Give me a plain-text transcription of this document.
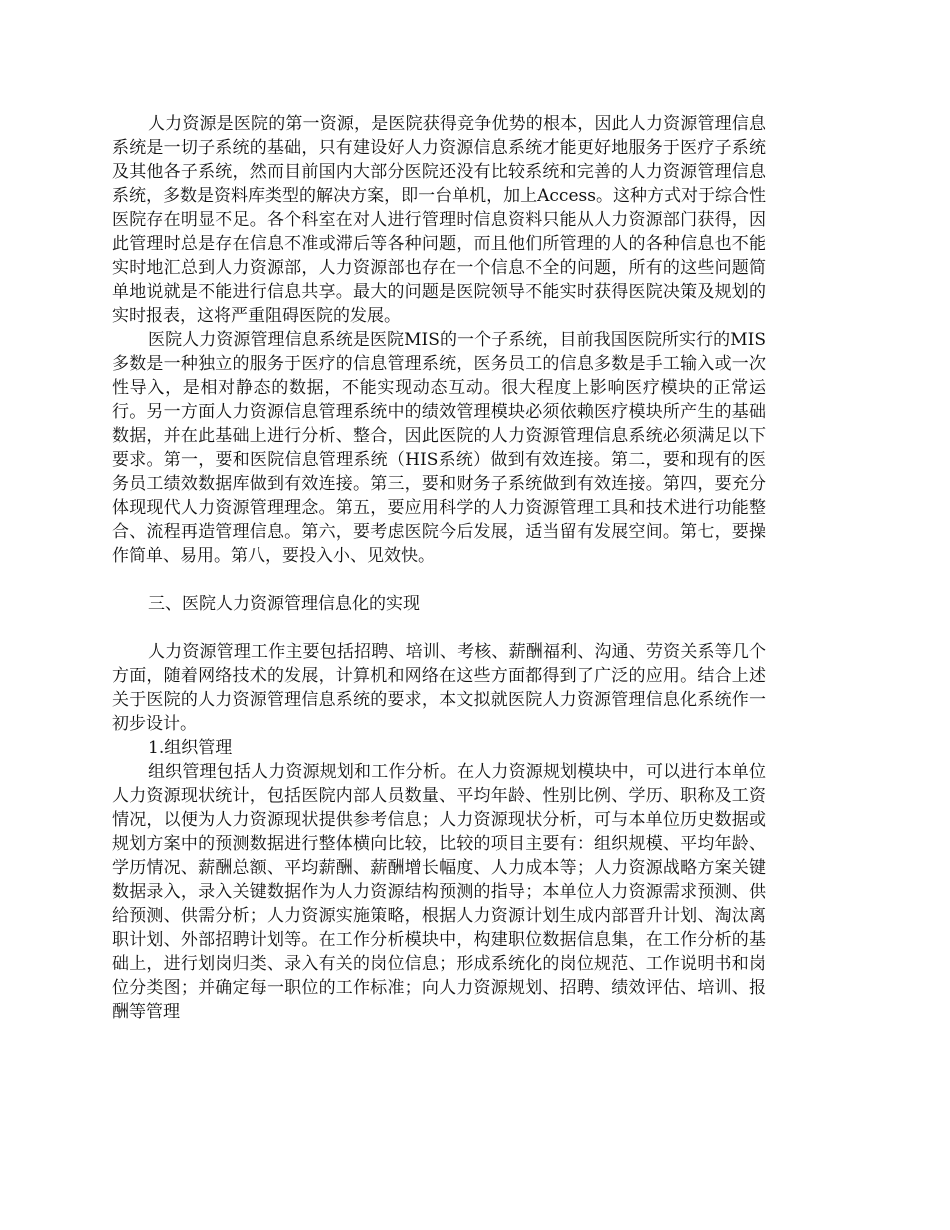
人力资源是医院的第一资源，是医院获得竞争优势的根本，因此人力资源管理信息系统是一切子系统的基础，只有建设好人力资源信息系统才能更好地服务于医疗子系统及其他各子系统，然而目前国内大部分医院还没有比较系统和完善的人力资源管理信息系统，多数是资料库类型的解决方案，即一台单机，加上Access。这种方式对于综合性医院存在明显不足。各个科室在对人进行管理时信息资料只能从人力资源部门获得，因此管理时总是存在信息不准或滞后等各种问题，而且他们所管理的人的各种信息也不能实时地汇总到人力资源部，人力资源部也存在一个信息不全的问题，所有的这些问题简单地说就是不能进行信息共享。最大的问题是医院领导不能实时获得医院决策及规划的实时报表，这将严重阻碍医院的发展。

医院人力资源管理信息系统是医院MIS的一个子系统，目前我国医院所实行的MIS多数是一种独立的服务于医疗的信息管理系统，医务员工的信息多数是手工输入或一次性导入，是相对静态的数据，不能实现动态互动。很大程度上影响医疗模块的正常运行。另一方面人力资源信息管理系统中的绩效管理模块必须依赖医疗模块所产生的基础数据，并在此基础上进行分析、整合，因此医院的人力资源管理信息系统必须满足以下要求。第一，要和医院信息管理系统（HIS系统）做到有效连接。第二，要和现有的医务员工绩效数据库做到有效连接。第三，要和财务子系统做到有效连接。第四，要充分体现现代人力资源管理理念。第五，要应用科学的人力资源管理工具和技术进行功能整合、流程再造管理信息。第六，要考虑医院今后发展，适当留有发展空间。第七，要操作简单、易用。第八，要投入小、见效快。

三、医院人力资源管理信息化的实现

人力资源管理工作主要包括招聘、培训、考核、薪酬福利、沟通、劳资关系等几个方面，随着网络技术的发展，计算机和网络在这些方面都得到了广泛的应用。结合上述关于医院的人力资源管理信息系统的要求，本文拟就医院人力资源管理信息化系统作一初步设计。

1.组织管理

组织管理包括人力资源规划和工作分析。在人力资源规划模块中，可以进行本单位人力资源现状统计，包括医院内部人员数量、平均年龄、性别比例、学历、职称及工资情况，以便为人力资源现状提供参考信息；人力资源现状分析，可与本单位历史数据或规划方案中的预测数据进行整体横向比较，比较的项目主要有：组织规模、平均年龄、学历情况、薪酬总额、平均薪酬、薪酬增长幅度、人力成本等；人力资源战略方案关键数据录入，录入关键数据作为人力资源结构预测的指导；本单位人力资源需求预测、供给预测、供需分析；人力资源实施策略，根据人力资源计划生成内部晋升计划、淘汰离职计划、外部招聘计划等。在工作分析模块中，构建职位数据信息集，在工作分析的基础上，进行划岗归类、录入有关的岗位信息；形成系统化的岗位规范、工作说明书和岗位分类图；并确定每一职位的工作标准；向人力资源规划、招聘、绩效评估、培训、报酬等管理
